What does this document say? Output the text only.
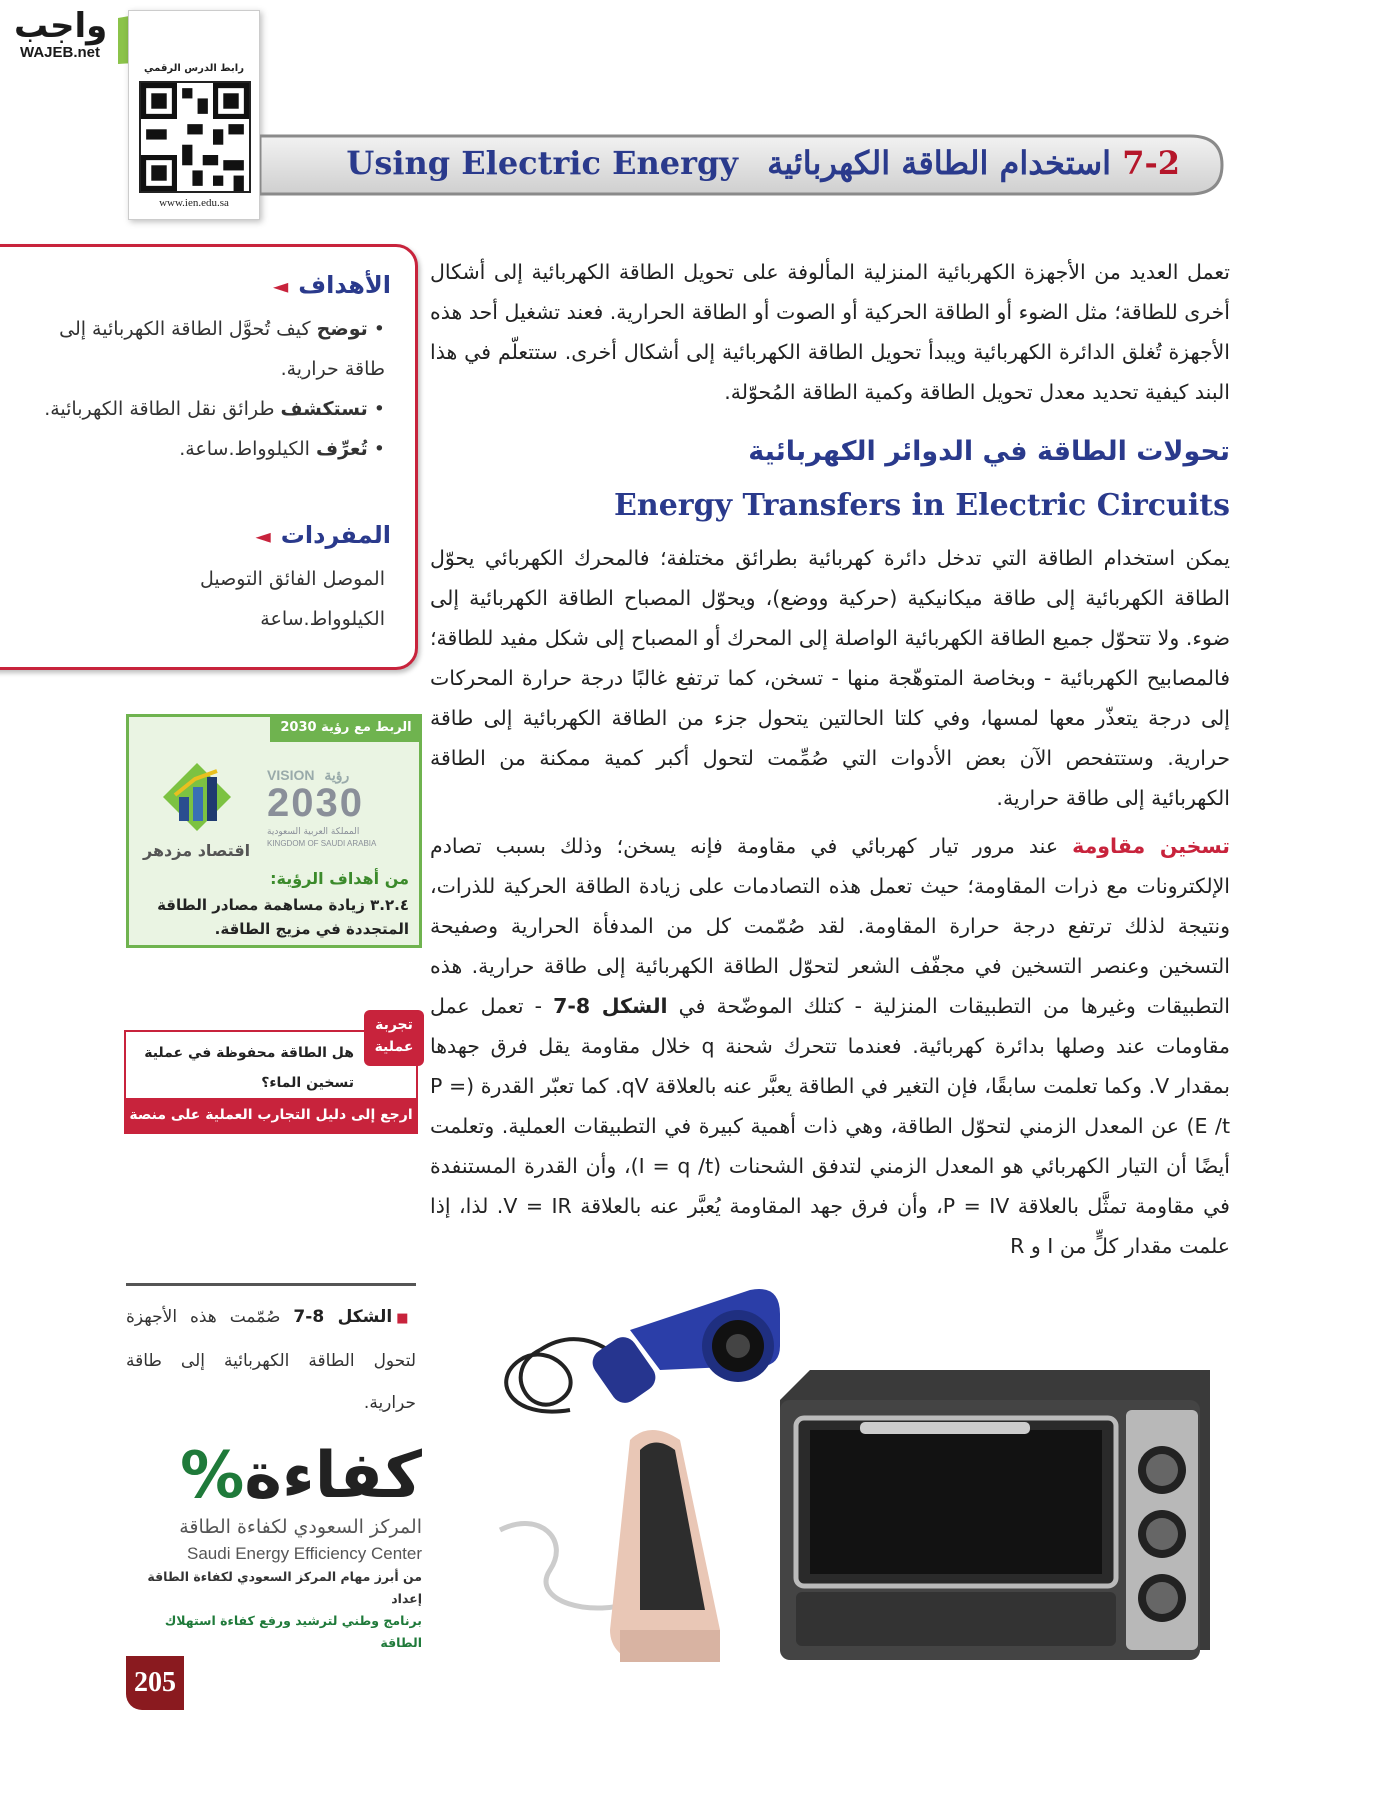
واجب
WAJEB.net
رابط الدرس الرقمي
www.ien.edu.sa
7-2 استخدام الطاقة الكهربائية Using Electric Energy
الأهداف ◄
• توضح كيف تُحوَّل الطاقة الكهربائية إلى طاقة حرارية.
• تستكشف طرائق نقل الطاقة الكهربائية.
• تُعرِّف الكيلوواط.ساعة.
المفردات ◄
الموصل الفائق التوصيل
الكيلوواط.ساعة
تعمل العديد من الأجهزة الكهربائية المنزلية المألوفة على تحويل الطاقة الكهربائية إلى أشكال أخرى للطاقة؛ مثل الضوء أو الطاقة الحركية أو الصوت أو الطاقة الحرارية. فعند تشغيل أحد هذه الأجهزة تُغلق الدائرة الكهربائية ويبدأ تحويل الطاقة الكهربائية إلى أشكال أخرى. ستتعلّم في هذا البند كيفية تحديد معدل تحويل الطاقة وكمية الطاقة المُحوّلة.
تحولات الطاقة في الدوائر الكهربائية
Energy Transfers in Electric Circuits
يمكن استخدام الطاقة التي تدخل دائرة كهربائية بطرائق مختلفة؛ فالمحرك الكهربائي يحوّل الطاقة الكهربائية إلى طاقة ميكانيكية (حركية ووضع)، ويحوّل المصباح الطاقة الكهربائية إلى ضوء. ولا تتحوّل جميع الطاقة الكهربائية الواصلة إلى المحرك أو المصباح إلى شكل مفيد للطاقة؛ فالمصابيح الكهربائية - وبخاصة المتوهّجة منها - تسخن، كما ترتفع غالبًا درجة حرارة المحركات إلى درجة يتعذّر معها لمسها، وفي كلتا الحالتين يتحول جزء من الطاقة الكهربائية إلى طاقة حرارية. وستتفحص الآن بعض الأدوات التي صُمِّمت لتحول أكبر كمية ممكنة من الطاقة الكهربائية إلى طاقة حرارية.
تسخين مقاومة عند مرور تيار كهربائي في مقاومة فإنه يسخن؛ وذلك بسبب تصادم الإلكترونات مع ذرات المقاومة؛ حيث تعمل هذه التصادمات على زيادة الطاقة الحركية للذرات، ونتيجة لذلك ترتفع درجة حرارة المقاومة. لقد صُمّمت كل من المدفأة الحرارية وصفيحة التسخين وعنصر التسخين في مجفّف الشعر لتحوّل الطاقة الكهربائية إلى طاقة حرارية. هذه التطبيقات وغيرها من التطبيقات المنزلية - كتلك الموضّحة في الشكل 8-7 - تعمل عمل مقاومات عند وصلها بدائرة كهربائية. فعندما تتحرك شحنة q خلال مقاومة يقل فرق جهدها بمقدار V. وكما تعلمت سابقًا، فإن التغير في الطاقة يعبَّر عنه بالعلاقة qV. كما تعبّر القدرة (P = E /t) عن المعدل الزمني لتحوّل الطاقة، وهي ذات أهمية كبيرة في التطبيقات العملية. وتعلمت أيضًا أن التيار الكهربائي هو المعدل الزمني لتدفق الشحنات (I = q /t)، وأن القدرة المستنفدة في مقاومة تمثَّل بالعلاقة P = IV، وأن فرق جهد المقاومة يُعبَّر عنه بالعلاقة V = IR. لذا، إذا علمت مقدار كلٍّ من I و R
الربط مع رؤية 2030
اقتصاد مزدهر
VISION رؤية
2030
المملكة العربية السعودية
KINGDOM OF SAUDI ARABIA
من أهداف الرؤية:
٣.٢.٤ زيادة مساهمة مصادر الطاقة المتجددة في مزيج الطاقة.
تجربة
عملية
هل الطاقة محفوظة في عملية تسخين الماء؟
ارجع إلى دليل التجارب العملية على منصة عين
■ الشكل 8-7 صُمّمت هذه الأجهزة لتحول الطاقة الكهربائية إلى طاقة حرارية.
كفاءة%
المركز السعودي لكفاءة الطاقة
Saudi Energy Efficiency Center
من أبرز مهام المركز السعودي لكفاءة الطاقة إعداد
برنامج وطني لترشيد ورفع كفاءة استهلاك الطاقة
205
